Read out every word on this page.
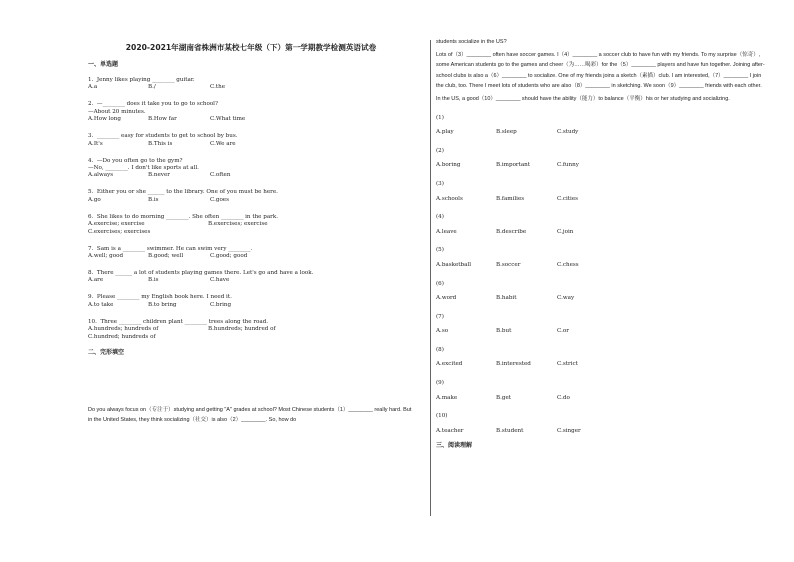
2020-2021年湖南省株洲市某校七年级（下）第一学期教学检测英语试卷
一、单选题
1.  Jenny likes playing ________ guitar.
A.a	B./	C.the
2.  —________ does it take you to go to school?
—About 20 minutes.
A.How long	B.How far	C.What time
3.  ________ easy for students to get to school by bus.
A.It's	B.This is	C.We are
4.  —Do you often go to the gym?
—No, ________. I don't like sports at all.
A.always	B.never	C.often
5.  Either you or she ______ to the library. One of you must be here.
A.go	B.is	C.goes
6.  She likes to do morning ________. She often ________ in the park.
A.exercise; exercise	B.exercises; exercise
C.exercises; exercises
7.  Sam is a ________ swimmer. He can swim very ________.
A.well; good	B.good; well	C.good; good
8.  There ______ a lot of students playing games there. Let's go and have a look.
A.are	B.is	C.have
9.  Please ________ my English book here. I need it.
A.to take	B.to bring	C.bring
10.  Three ________ children plant ________ trees along the road.
A.hundreds; hundreds of	B.hundreds; hundred of
C.hundred; hundreds of
二、完形填空

Do you always focus on（专注于）studying and getting "A" grades at school? Most Chinese students（1）________ really hard. But in the United States, they think socializing（社交）is also（2）________. So, how do

students socialize in the US?

Lots of（3）________ often have soccer games. I（4）________ a soccer club to have fun with my friends. To my surprise（惊奇）, some American students go to the games and cheer（为……喝彩）for the（5）________ players and have fun together. Joining after-school clubs is also a（6）________ to socialize. One of my friends joins a sketch（素描）club. I am interested,（7）________ I join the club, too. There I meet lots of students who are also（8）________ in sketching. We soon（9）________ friends with each other.

In the US, a good（10）________ should have the ability（能力）to balance（平衡）his or her studying and socializing.

(1)
A.play	B.sleep	C.study
(2)
A.boring	B.important	C.funny
(3)
A.schools	B.families	C.cities
(4)
A.leave	B.describe	C.join
(5)
A.basketball	B.soccer	C.chess
(6)
A.word	B.habit	C.way
(7)
A.so	B.but	C.or
(8)
A.excited	B.interested	C.strict
(9)
A.make	B.get	C.do
(10)
A.teacher	B.student	C.singer
三、阅读理解
